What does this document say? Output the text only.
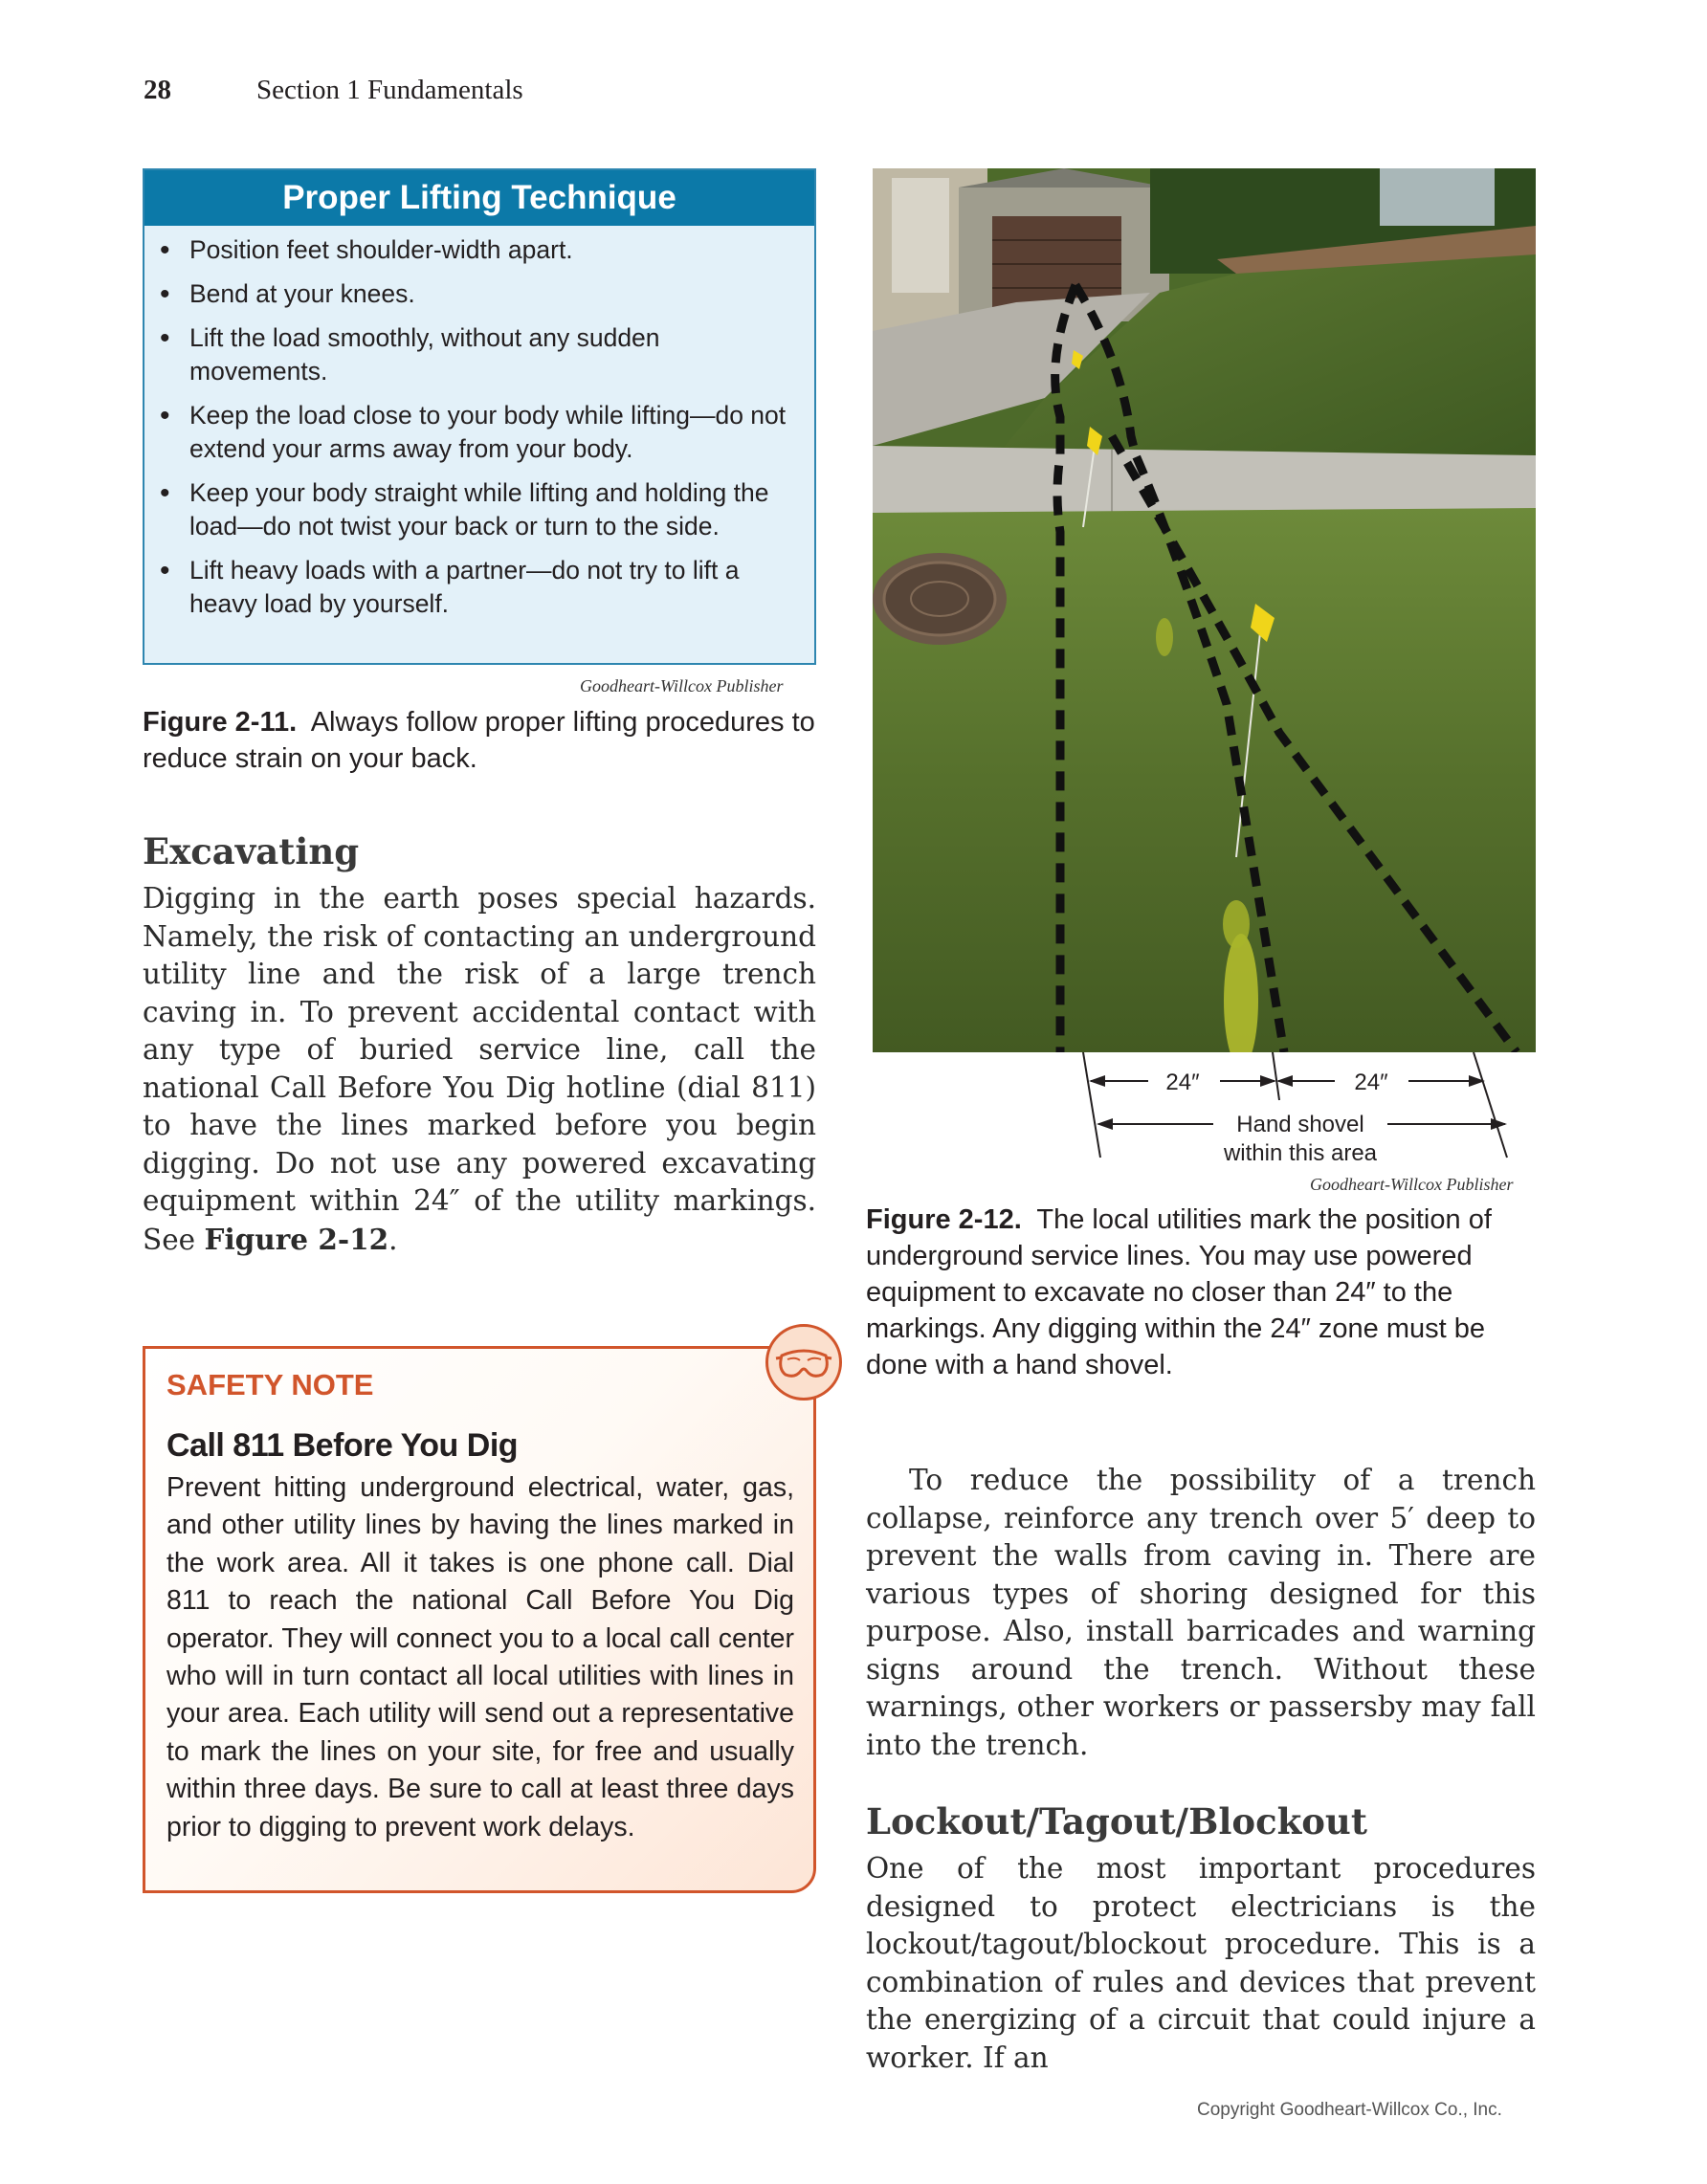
28	Section 1 Fundamentals
Proper Lifting Technique
• Position feet shoulder-width apart.
• Bend at your knees.
• Lift the load smoothly, without any sudden movements.
• Keep the load close to your body while lifting—do not extend your arms away from your body.
• Keep your body straight while lifting and holding the load—do not twist your back or turn to the side.
• Lift heavy loads with a partner—do not try to lift a heavy load by yourself.
Goodheart-Willcox Publisher
Figure 2-11. Always follow proper lifting procedures to reduce strain on your back.
Excavating
Digging in the earth poses special hazards. Namely, the risk of contacting an underground utility line and the risk of a large trench caving in. To prevent accidental contact with any type of buried service line, call the national Call Before You Dig hotline (dial 811) to have the lines marked before you begin digging. Do not use any powered excavating equipment within 24″ of the utility markings. See Figure 2-12.
SAFETY NOTE
Call 811 Before You Dig
Prevent hitting underground electrical, water, gas, and other utility lines by having the lines marked in the work area. All it takes is one phone call. Dial 811 to reach the national Call Before You Dig operator. They will connect you to a local call center who will in turn contact all local utilities with lines in your area. Each utility will send out a representative to mark the lines on your site, for free and usually within three days. Be sure to call at least three days prior to digging to prevent work delays.
24″	24″
Hand shovel
within this area
Goodheart-Willcox Publisher
Figure 2-12. The local utilities mark the position of underground service lines. You may use powered equipment to excavate no closer than 24″ to the markings. Any digging within the 24″ zone must be done with a hand shovel.
To reduce the possibility of a trench collapse, reinforce any trench over 5′ deep to prevent the walls from caving in. There are various types of shoring designed for this purpose. Also, install barricades and warning signs around the trench. Without these warnings, other workers or passersby may fall into the trench.
Lockout/Tagout/Blockout
One of the most important procedures designed to protect electricians is the lockout/tagout/blockout procedure. This is a combination of rules and devices that prevent the energizing of a circuit that could injure a worker. If an
Copyright Goodheart-Willcox Co., Inc.
